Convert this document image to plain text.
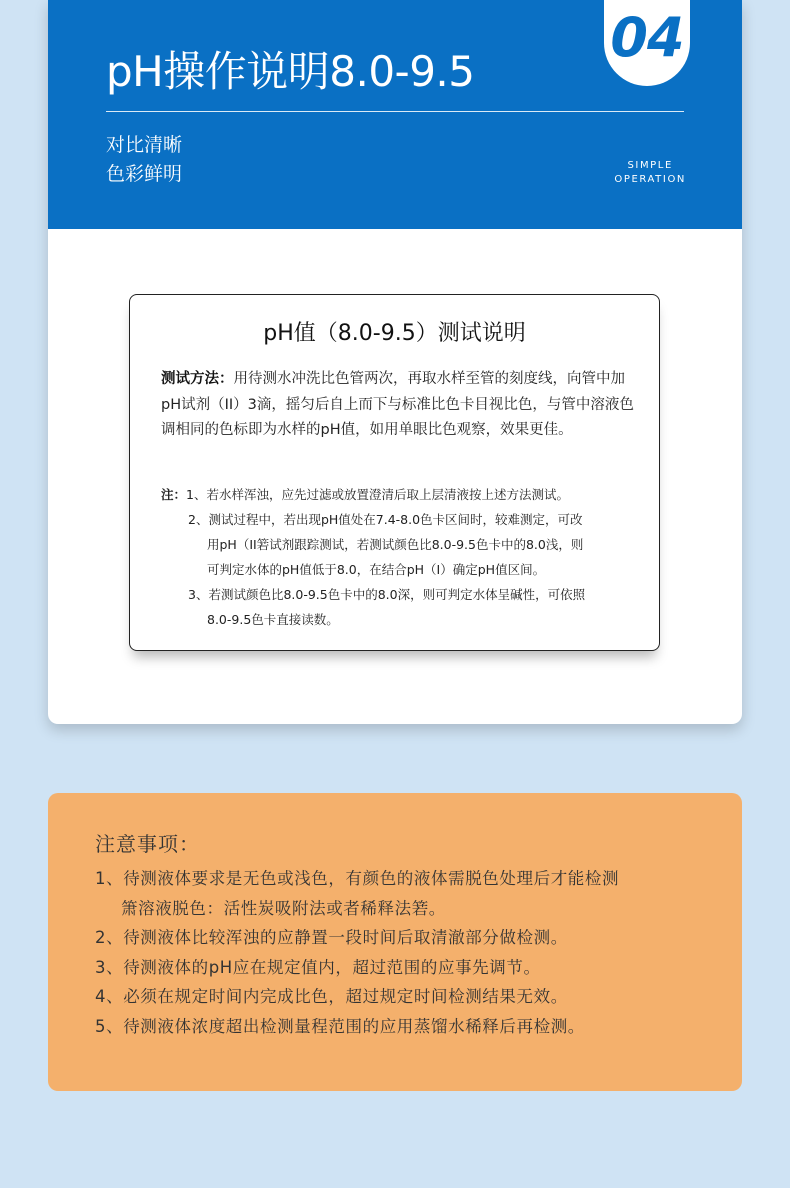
pH操作说明8.0-9.5
04
对比清晰
色彩鲜明	SIMPLE
OPERATION
pH值（8.0-9.5）测试说明
测试方法：用待测水冲洗比色管两次，再取水样至管的刻度线，向管中加pH试剂（II）3滴，摇匀后自上而下与标准比色卡目视比色，与管中溶液色调相同的色标即为水样的pH值，如用单眼比色观察，效果更佳。
注：1、若水样浑浊，应先过滤或放置澄清后取上层清液按上述方法测试。
2、测试过程中，若出现pH值处在7.4-8.0色卡区间时，较难测定，可改
用pH（II箬试剂跟踪测试，若测试颜色比8.0-9.5色卡中的8.0浅，则
可判定水体的pH值低于8.0，在结合pH（I）确定pH值区间。
3、若测试颜色比8.0-9.5色卡中的8.0深，则可判定水体呈碱性，可依照
8.0-9.5色卡直接读数。
注意事项：
1、待测液体要求是无色或浅色，有颜色的液体需脱色处理后才能检测
箫溶液脱色：活性炭吸附法或者稀释法箬。
2、待测液体比较浑浊的应静置一段时间后取清澈部分做检测。
3、待测液体的pH应在规定值内，超过范围的应事先调节。
4、必须在规定时间内完成比色，超过规定时间检测结果无效。
5、待测液体浓度超出检测量程范围的应用蒸馏水稀释后再检测。
